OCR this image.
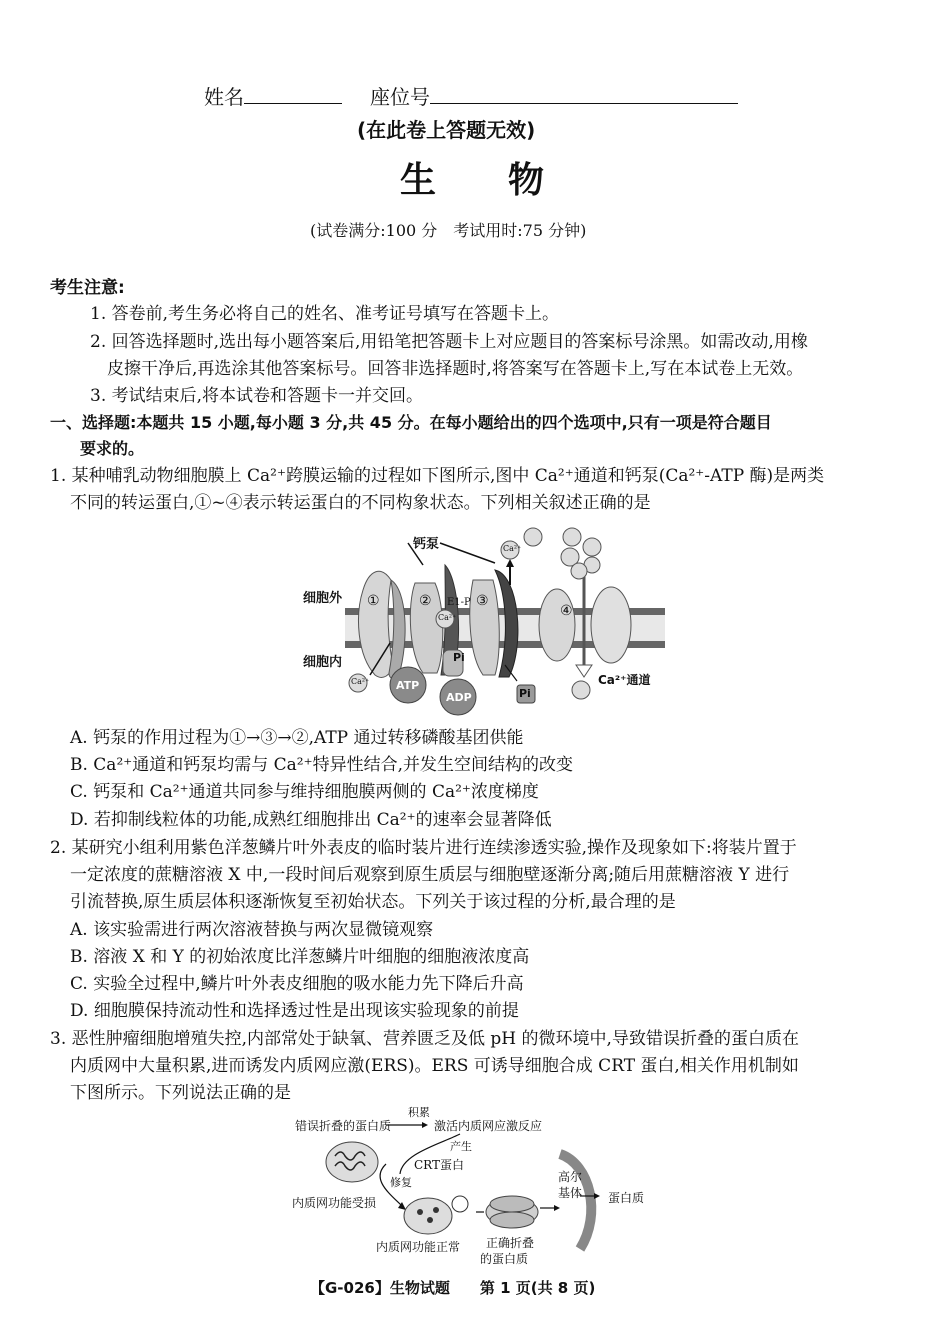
姓名	座位号
(在此卷上答题无效)
生　　物
(试卷满分:100 分　考试用时:75 分钟)
考生注意:
1. 答卷前,考生务必将自己的姓名、准考证号填写在答题卡上。
2. 回答选择题时,选出每小题答案后,用铅笔把答题卡上对应题目的答案标号涂黑。如需改动,用橡
皮擦干净后,再选涂其他答案标号。回答非选择题时,将答案写在答题卡上,写在本试卷上无效。
3. 考试结束后,将本试卷和答题卡一并交回。
一、选择题:本题共 15 小题,每小题 3 分,共 45 分。在每小题给出的四个选项中,只有一项是符合题目
要求的。
1. 某种哺乳动物细胞膜上 Ca²⁺跨膜运输的过程如下图所示,图中 Ca²⁺通道和钙泵(Ca²⁺-ATP 酶)是两类
不同的转运蛋白,①~④表示转运蛋白的不同构象状态。下列相关叙述正确的是
钙泵
细胞外
细胞内
①	②	③
④
E1-P
Ca²⁺
Ca²⁺
Ca²⁺
Pi
ATP
ADP	Pi
Ca²⁺通道
A. 钙泵的作用过程为①→③→②,ATP 通过转移磷酸基团供能
B. Ca²⁺通道和钙泵均需与 Ca²⁺特异性结合,并发生空间结构的改变
C. 钙泵和 Ca²⁺通道共同参与维持细胞膜两侧的 Ca²⁺浓度梯度
D. 若抑制线粒体的功能,成熟红细胞排出 Ca²⁺的速率会显著降低
2. 某研究小组利用紫色洋葱鳞片叶外表皮的临时装片进行连续渗透实验,操作及现象如下:将装片置于
一定浓度的蔗糖溶液 X 中,一段时间后观察到原生质层与细胞壁逐渐分离;随后用蔗糖溶液 Y 进行
引流替换,原生质层体积逐渐恢复至初始状态。下列关于该过程的分析,最合理的是
A. 该实验需进行两次溶液替换与两次显微镜观察
B. 溶液 X 和 Y 的初始浓度比洋葱鳞片叶细胞的细胞液浓度高
C. 实验全过程中,鳞片叶外表皮细胞的吸水能力先下降后升高
D. 细胞膜保持流动性和选择透过性是出现该实验现象的前提
3. 恶性肿瘤细胞增殖失控,内部常处于缺氧、营养匮乏及低 pH 的微环境中,导致错误折叠的蛋白质在
内质网中大量积累,进而诱发内质网应激(ERS)。ERS 可诱导细胞合成 CRT 蛋白,相关作用机制如
下图所示。下列说法正确的是
错误折叠的蛋白质
积累
激活内质网应激反应
产生
CRT蛋白
修复
内质网功能受损
内质网功能正常 正确折叠
的蛋白质
高尔
基体 蛋白质
【G-026】生物试题　　第 1 页(共 8 页)
